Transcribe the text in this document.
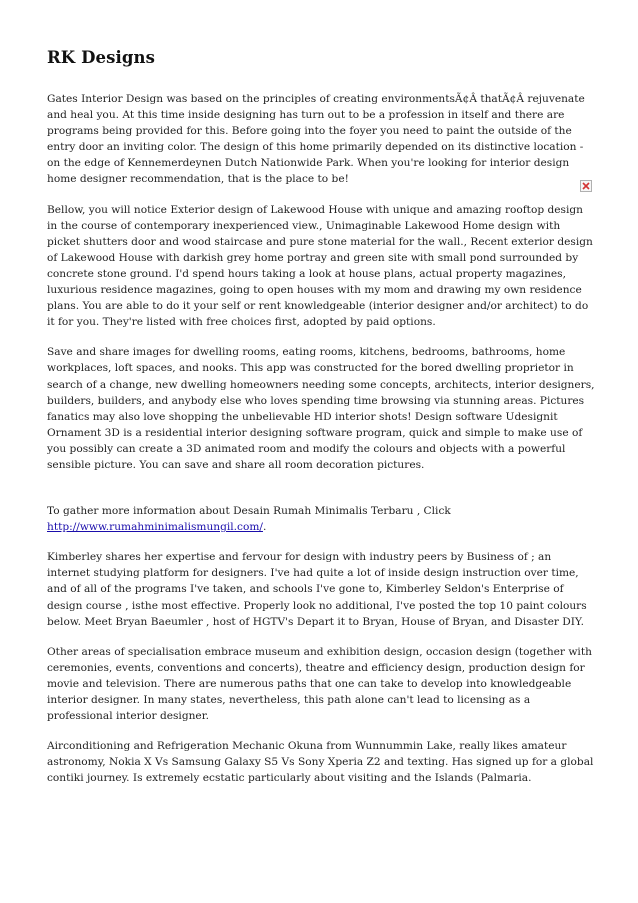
RK Designs

Gates Interior Design was based on the principles of creating environmentsÃ¢Â thatÃ¢Â rejuvenate and heal you. At this time inside designing has turn out to be a profession in itself and there are programs being provided for this. Before going into the foyer you need to paint the outside of the entry door an inviting color. The design of this home primarily depended on its distinctive location - on the edge of Kennemerdeynen Dutch Nationwide Park. When you're looking for interior design home designer recommendation, that is the place to be!

Bellow, you will notice Exterior design of Lakewood House with unique and amazing rooftop design in the course of contemporary inexperienced view., Unimaginable Lakewood Home design with picket shutters door and wood staircase and pure stone material for the wall., Recent exterior design of Lakewood House with darkish grey home portray and green site with small pond surrounded by concrete stone ground. I'd spend hours taking a look at house plans, actual property magazines, luxurious residence magazines, going to open houses with my mom and drawing my own residence plans. You are able to do it your self or rent knowledgeable (interior designer and/or architect) to do it for you. They're listed with free choices first, adopted by paid options.

Save and share images for dwelling rooms, eating rooms, kitchens, bedrooms, bathrooms, home workplaces, loft spaces, and nooks. This app was constructed for the bored dwelling proprietor in search of a change, new dwelling homeowners needing some concepts, architects, interior designers, builders, builders, and anybody else who loves spending time browsing via stunning areas. Pictures fanatics may also love shopping the unbelievable HD interior shots! Design software Udesignit Ornament 3D is a residential interior designing software program, quick and simple to make use of you possibly can create a 3D animated room and modify the colours and objects with a powerful sensible picture. You can save and share all room decoration pictures.

To gather more information about Desain Rumah Minimalis Terbaru , Click http://www.rumahminimalismungil.com/.

Kimberley shares her expertise and fervour for design with industry peers by Business of ; an internet studying platform for designers. I've had quite a lot of inside design instruction over time, and of all of the programs I've taken, and schools I've gone to, Kimberley Seldon's Enterprise of design course , isthe most effective. Properly look no additional, I've posted the top 10 paint colours below. Meet Bryan Baeumler , host of HGTV's Depart it to Bryan, House of Bryan, and Disaster DIY.

Other areas of specialisation embrace museum and exhibition design, occasion design (together with ceremonies, events, conventions and concerts), theatre and efficiency design, production design for movie and television. There are numerous paths that one can take to develop into knowledgeable interior designer. In many states, nevertheless, this path alone can't lead to licensing as a professional interior designer.

Airconditioning and Refrigeration Mechanic Okuna from Wunnummin Lake, really likes amateur astronomy, Nokia X Vs Samsung Galaxy S5 Vs Sony Xperia Z2 and texting. Has signed up for a global contiki journey. Is extremely ecstatic particularly about visiting and the Islands (Palmaria.
